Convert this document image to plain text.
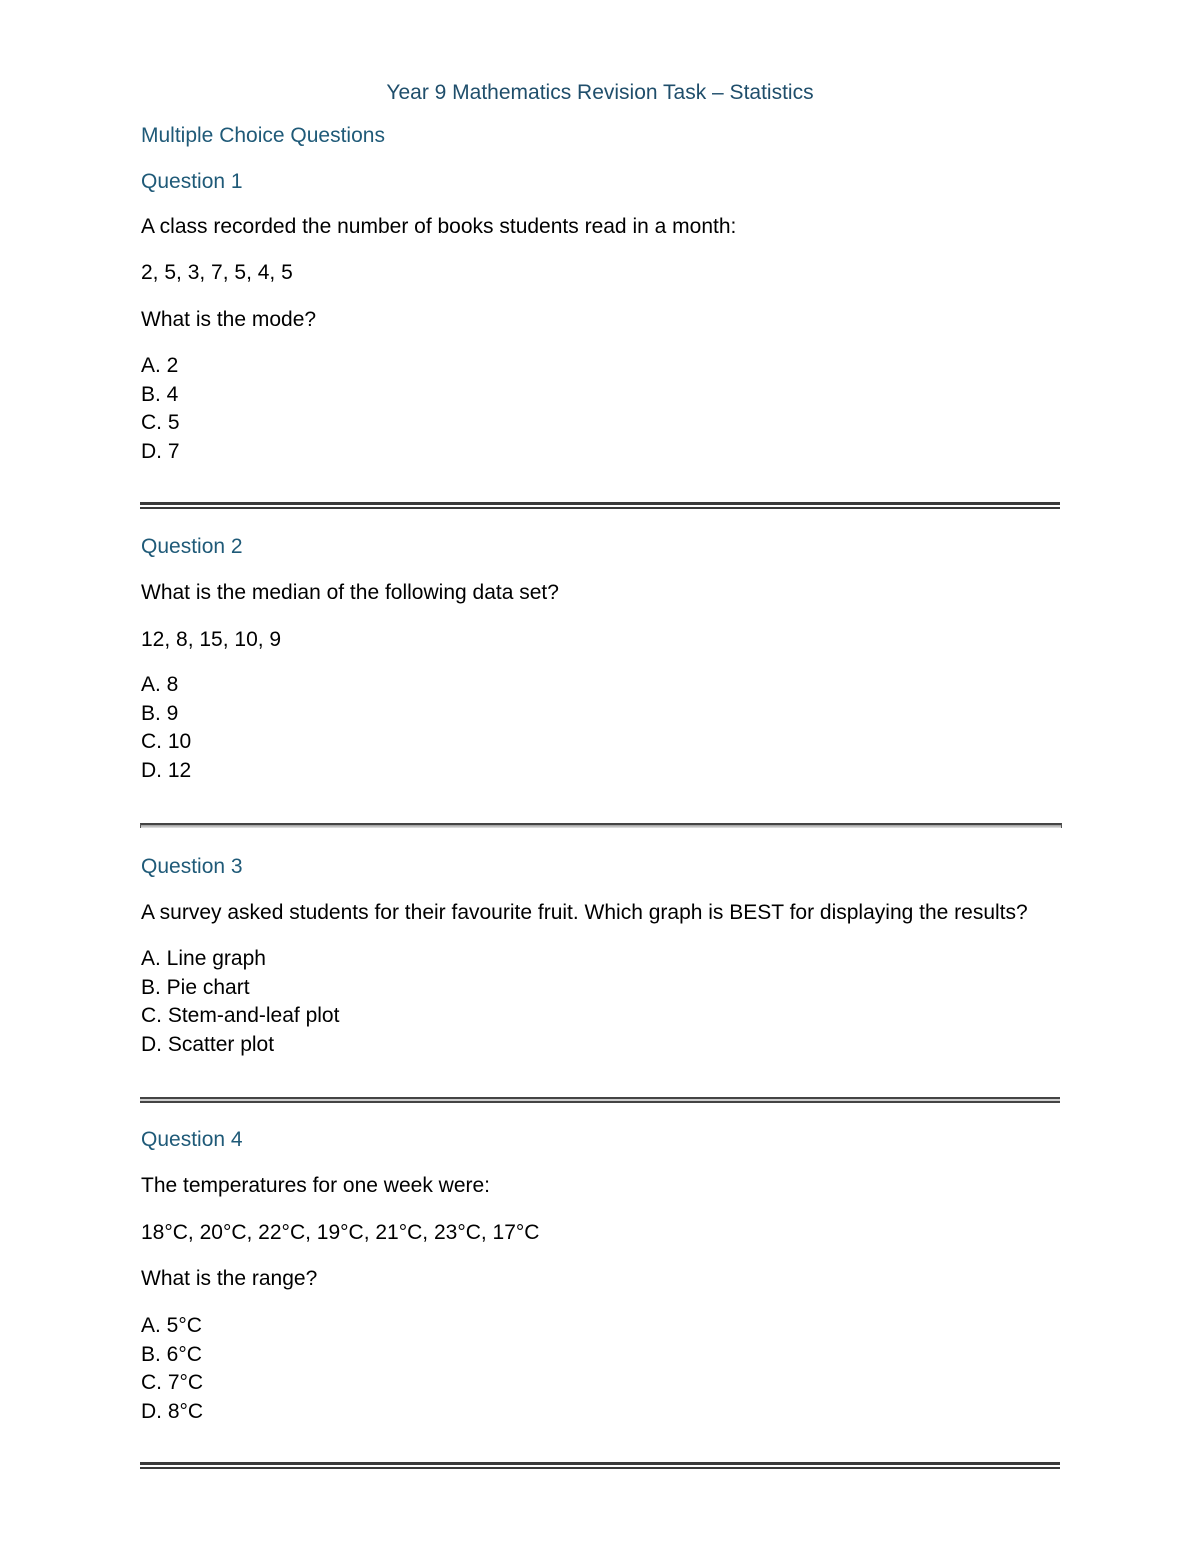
Year 9 Mathematics Revision Task – Statistics
Multiple Choice Questions
Question 1
A class recorded the number of books students read in a month:
2, 5, 3, 7, 5, 4, 5
What is the mode?
A. 2
B. 4
C. 5
D. 7
Question 2
What is the median of the following data set?
12, 8, 15, 10, 9
A. 8
B. 9
C. 10
D. 12
Question 3
A survey asked students for their favourite fruit. Which graph is BEST for displaying the results?
A. Line graph
B. Pie chart
C. Stem-and-leaf plot
D. Scatter plot
Question 4
The temperatures for one week were:
18°C, 20°C, 22°C, 19°C, 21°C, 23°C, 17°C
What is the range?
A. 5°C
B. 6°C
C. 7°C
D. 8°C
